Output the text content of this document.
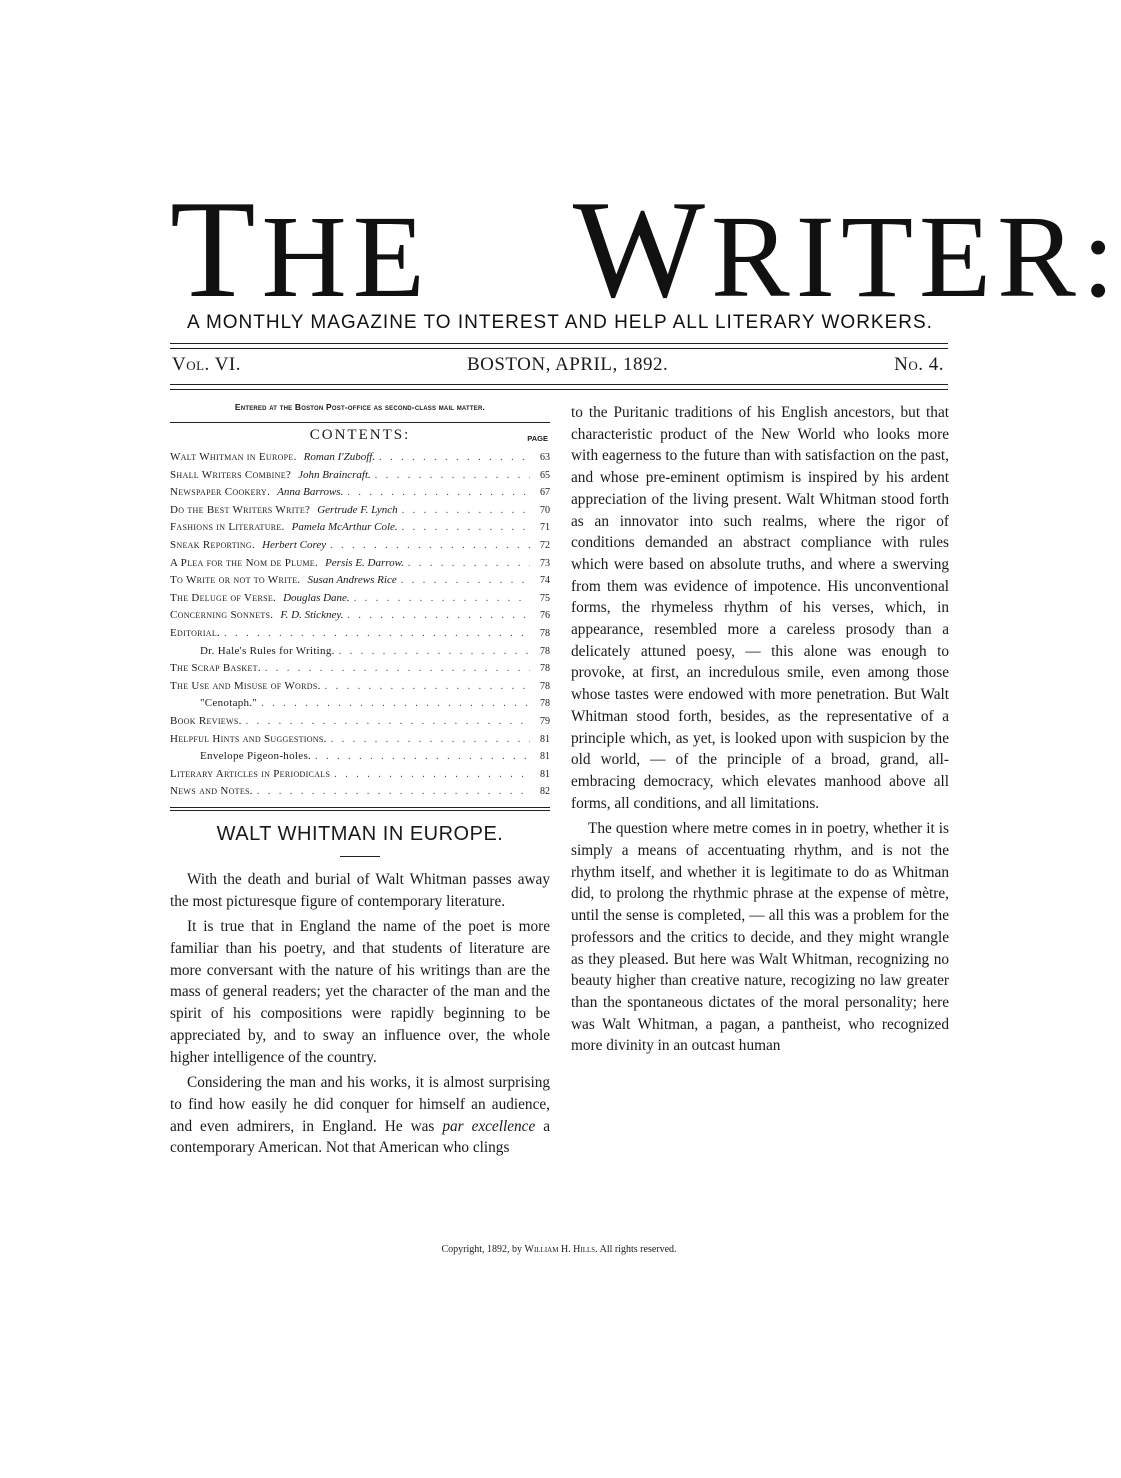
THE WRITER:
A MONTHLY MAGAZINE TO INTEREST AND HELP ALL LITERARY WORKERS.
Vol. VI.	BOSTON, APRIL, 1892.	No. 4.
Entered at the Boston Post-office as second-class mail matter.
CONTENTS:	PAGE
Walt Whitman in Europe. Roman I'Zuboff. . . .	63
Shall Writers Combine? John Braincraft. . . .	65
Newspaper Cookery. Anna Barrows. . . .	67
Do the Best Writers Write? Gertrude F. Lynch . . .	70
Fashions in Literature. Pamela McArthur Cole. . . .	71
Sneak Reporting. Herbert Corey . . .	72
A Plea for the Nom de Plume. Persis E. Darrow. . . .	73
To Write or not to Write. Susan Andrews Rice . . .	74
The Deluge of Verse. Douglas Dane. . . .	75
Concerning Sonnets. F. D. Stickney. . . .	76
Editorial. . . .	78
Dr. Hale's Rules for Writing. . . .	78
The Scrap Basket. . . .	78
The Use and Misuse of Words. . . .	78
"Cenotaph." . . .	78
Book Reviews. . . .	79
Helpful Hints and Suggestions. . . .	81
Envelope Pigeon-holes. . . .	81
Literary Articles in Periodicals . . .	81
News and Notes. . . .	82
WALT WHITMAN IN EUROPE.

With the death and burial of Walt Whitman passes away the most picturesque figure of contemporary literature.

It is true that in England the name of the poet is more familiar than his poetry, and that students of literature are more conversant with the nature of his writings than are the mass of general readers; yet the character of the man and the spirit of his compositions were rapidly beginning to be appreciated by, and to sway an influence over, the whole higher intelligence of the country.

Considering the man and his works, it is almost surprising to find how easily he did conquer for himself an audience, and even admirers, in England. He was par excellence a contemporary American. Not that American who clings

to the Puritanic traditions of his English ancestors, but that characteristic product of the New World who looks more with eagerness to the future than with satisfaction on the past, and whose pre-eminent optimism is inspired by his ardent appreciation of the living present. Walt Whitman stood forth as an innovator into such realms, where the rigor of conditions demanded an abstract compliance with rules which were based on absolute truths, and where a swerving from them was evidence of impotence. His unconventional forms, the rhymeless rhythm of his verses, which, in appearance, resembled more a careless prosody than a delicately attuned poesy, — this alone was enough to provoke, at first, an incredulous smile, even among those whose tastes were endowed with more penetration. But Walt Whitman stood forth, besides, as the representative of a principle which, as yet, is looked upon with suspicion by the old world, — of the principle of a broad, grand, all-embracing democracy, which elevates manhood above all forms, all conditions, and all limitations.

The question where metre comes in in poetry, whether it is simply a means of accentuating rhythm, and is not the rhythm itself, and whether it is legitimate to do as Whitman did, to prolong the rhythmic phrase at the expense of mètre, until the sense is completed, — all this was a problem for the professors and the critics to decide, and they might wrangle as they pleased. But here was Walt Whitman, recognizing no beauty higher than creative nature, recogizing no law greater than the spontaneous dictates of the moral personality; here was Walt Whitman, a pagan, a pantheist, who recognized more divinity in an outcast human

Copyright, 1892, by William H. Hills. All rights reserved.
